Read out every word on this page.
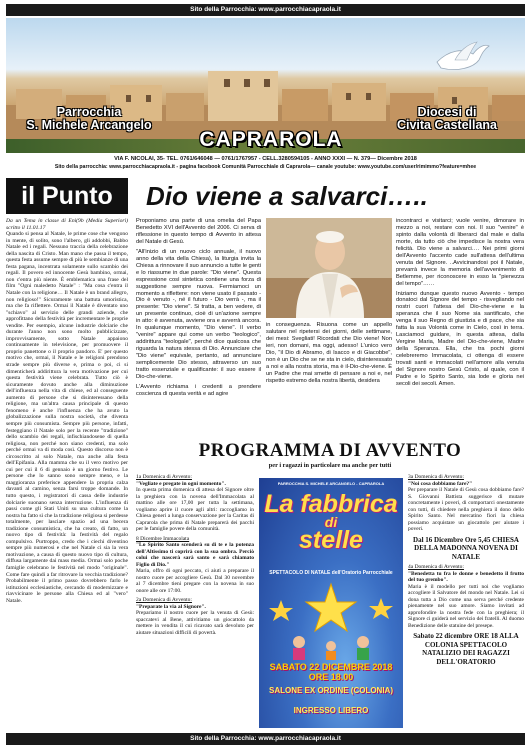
Sito della Parrocchia: www.parrocchiacapraola.it
Parrocchia
S. Michele Arcangelo
CAPRAROLA
Diocesi di
Civita Castellana
VIA F. NICOLAI, 35- TEL. 0761/646048 — 0761/1767957 - CELL.3280594105 - ANNO XXXI — N. 379— Dicembre 2018
Sito della parrocchia: www.parrocchiacapraola.it - pagina facebook Comunità Parrocchiale di Caprarola— canale youtube: www.youtube.com/user/rimimmo?feature=mhee
il Punto	Dio viene a salvarci…..

Da un Tema in classe di Eni(9b (Media Superiori) scritto il 11.01.17

Quando si pensa al Natale, le prime cose che vengono in mente, di solito, sono l'albero, gli addobbi, Babbo Natale ed i regali. Nessuno traccia della celebrazione della nascita di Cristo. Man mano che passa il tempo, questa festa assume sempre di più le sembianze di una festa pagana, incentrata solamente sullo scambio dei regali. Il povero ed innocente Gesù bambino, ormai, non c'entra più niente. È emblematica una frase del film "Ogni maledetto Natale" : "Ma cosa c'entra il Natale con la religione… Il Natale è un brand allegro, non religioso!" Sicuramente una battuta umoristica, ma che fa riflettere. Ormai il Natale è diventato uno "schiavo" al servizio delle grandi aziende, che approfittano della festività per incrementare le proprie vendite. Per esempio, alcune industrie dolciarie che durante l'anno non sono molto pubblicizzate, improvvisamente, sotto Natale appaiono continuamente in televisione, per promuovere il proprio panettone o il proprio pandoro. E' per questo motivo che, ormai, il Natale e le religioni prendono strade sempre più diverse e, prima o poi, ci si dimenticherà addirittura la vera motivazione per cui questa festività viene celebrata. Tutto ciò è sicuramente dovuto anche alla diminuzione dell'influenza nella vita di chiese, ed al conseguente aumento di persone che si disinteressano della religione, ma un'altra causa principale di questo fenomeno è anche l'influenza che ha avuto la globalizzazione sulla nostra società, che diventa sempre più consumista. Sempre più persone, infatti, festeggiano il Natale solo per la recente "tradizione" dello scambio dei regali, infischiandosene di quella religiosa, non perché non siano credenti, ma solo perché ormai va di moda così. Questo discorso non è circoscritto al solo Natale, ma anche alla festa dell'Epifania. Alla mamma che su il vero motivo per cui per cui il 6 di gennaio è un giorno festivo. Le persone che lo sanno sono sempre meno, e la maggioranza preferisce appendere la propria calza davanti al camino, senza farsi troppe domande. In tutto questo, i registratori di cassa delle industrie dolciarie suonano senza interruzione. L'influenza di passi come gli Stati Uniti su una cultura come la nostra ha fatto sì che la tradizione religiosa si perdesse totalmente, per lasciare spazio ad una becera tradizione consumistica, che ha creato, di fatto, un nuovo tipo di festività: la festività del regalo compulsivo. Purtroppo, credo che i ciechi diventino sempre più numerosi e che nel Natale ci sia la vera motivazione, a causa di questo nuovo tipo di cultura, diffusa largamente dai mass media. Ormai solo poche famiglie celebrano le festività nel modo "originale". Come fare quindi a far ritrovare la vecchia tradizione? Probabilmente il primo passo dovrebbero farlo le istituzioni ecclesiastiche, cercando di modernizzare e riavvicinare le persone alla Chiesa ed al "vero" Natale.

Proponiamo una parte di una omelia del Papa Benedetto XVI dell'Avvento del 2006. Ci serva di riflessione in questo tempo di Avvento in attesa del Natale di Gesù.

"All'inizio di un nuovo ciclo annuale, il nuovo anno della vita della Chiesa), la liturgia invita la Chiesa a rinnovare il suo annuncio a tutte le genti e lo riassume in due parole: "Dio viene". Questa espressione così sintetica contiene una forza di suggestione sempre nuova. Fermiamoci un momento a riflettere: non viene usato il passato - Dio è venuto -, né il futuro - Dio verrà -, ma il presente: "Dio viene". Si tratta, a ben vedere, di un presente continuo, cioè di un'azione sempre in atto: è avvenuta, avviene ora e avverrà ancora. In qualunque momento, "Dio viene". Il verbo "venire" appare qui come un verbo "teologico", addirittura "teologale", perché dice qualcosa che riguarda la natura stessa di Dio. Annunciare che "Dio viene" equivale, pertanto, ad annunciare semplicemente Dio stesso, attraverso un suo tratto essenziale e qualificante: il suo essere il Dio-che-viene.

L'Avvento richiama i credenti a prendere coscienza di questa verità e ad agire

in conseguenza. Risuona come un appello salutare nel ripetersi dei giorni, delle settimane, dei mesi: Svegliati! Ricordati che Dio viene! Non ieri, non domani, ma oggi, adesso! L'unico vero Dio, "il Dio di Abramo, di Isacco e di Giacobbe", non è un Dio che se ne sta in cielo, disinteressato a noi e alla nostra storia, ma è il-Dio-che-viene. È un Padre che mai smette di pensare a noi e, nel rispetto estremo della nostra libertà, desidera

incontrarci e visitarci; vuole venire, dimorare in mezzo a noi, restare con noi. Il suo "venire" è spinto dalla volontà di liberarci dal male e dalla morte, da tutto ciò che impedisce la nostra vera felicità. Dio viene a salvarci…. Nei primi giorni dell'Avvento l'accento cade sull'attesa dell'ultima venuta del Signore. ..Avvicinandosi poi il Natale, prevarrà invece la memoria dell'avvenimento di Betlemme, per riconoscere in esso la "pienezza del tempo"……

Iniziamo dunque questo nuovo Avvento - tempo donatoci dal Signore del tempo - risvegliando nel nostri cuori l'attesa del Dio-che-viene e la speranza che il suo Nome sia santificato, che venga il suo Regno di giustizia e di pace, che sia fatta la sua Volontà come in Cielo, così in terra. Lasciamoci guidare, in questa attesa, dalla Vergine Maria, Madre del Dio-che-viene, Madre della Speranza. Ella, che tra pochi giorni celebreremo Immacolata, ci ottenga di essere trovati santi e immacolati nell'amore alla venuta del Signore nostro Gesù Cristo, al quale, con il Padre e lo Spirito Santo, sia lode e gloria nei secoli dei secoli. Amen.

PROGRAMMA DI AVVENTO
per i ragazzi in particolare ma anche per tutti

1a Domenica di Avvento:
"Vegliate e pregate in ogni momento".
In questa prima domenica di attesa del Signore oltre la preghiera con la novena dell'Immacolata al mattino alle ore 17,00 per tutta la settimana, vogliamo aprire il cuore agli altri: raccogliamo in Chiesa generi a lunga conservazione per la Caritas di Caprarola che prima di Natale preparerà dei pacchi per le famiglie povere della comunità.

8 Dicembre Immacolata
"Lo Spirito Santo scenderà su di te e la potenza dell'Altissimo ti coprirà con la sua ombra. Perciò colui che nascerà sarà santo e sarà chiamato Figlio di Dio."
Maria, offro di ogni peccato, ci aiuti a preparare il nostro cuore per accogliere Gesù. Dal 30 novembre al 7 dicembre tieni pregare con la novena in suo onore alle ore 17:00.

2a Domenica di Avvento:
"Preparate la via al Signore".
Prepariamo il nostro cuore per la venuta di Gesù: spaccatevi al Bene, attivitiamo un giocattolo da mettere in vendita il cui ricavato sarà devoluto per aiutare situazioni difficili di povertà.

PARROCCHIA S. MICHELE ARCANGELO - CAPRAROLA
La fabbrica
di
stelle
SPETTACOLO DI NATALE dell'Oratorio Parrocchiale
SABATO 22 DICEMBRE 2018 ORE 18.00
SALONE EX ORDINE (COLONIA)
INGRESSO LIBERO

3a Domenica di Avvento:
"Noi cosa dobbiamo fare?"
Per preparare il Natale di Gesù cosa dobbiamo fare? S. Giovanni Battista suggerisce di mutare concretamente i poveri, di comportarci onestamente con tutti, di chiedere nella preghiera il dono dello Spirito Santo. Nel mercatino fiori la chiesa possiamo acquistare un giocattolo per aiutare i poveri.

Dal 16 Dicembre Ore 5,45 CHIESA DELLA MADONNA NOVENA DI NATALE

4a Domenica di Avvento:
"Benedetta tu fra le donne e benedetto il frutto del tuo grembo".
Maria è il modello per tutti noi che vogliamo accogliere il Salvatore del mondo nel Natale. Lei si dona tutta a Dio come una serva perché credente pienamente nel suo amore. Siamo invitati ad approfondire la nostra fede con la preghiera; il Signore ci guiderà nel servizio dei fratelli. Al duomo Benedizione delle statuine del presepe.

Sabato 22 dicembre ORE 18 ALLA COLONIA SPETTACOLO NATALIZIO DEI RAGAZZI DELL'ORATORIO

Sito della Parrocchia: www.parrocchiacapraola.it
